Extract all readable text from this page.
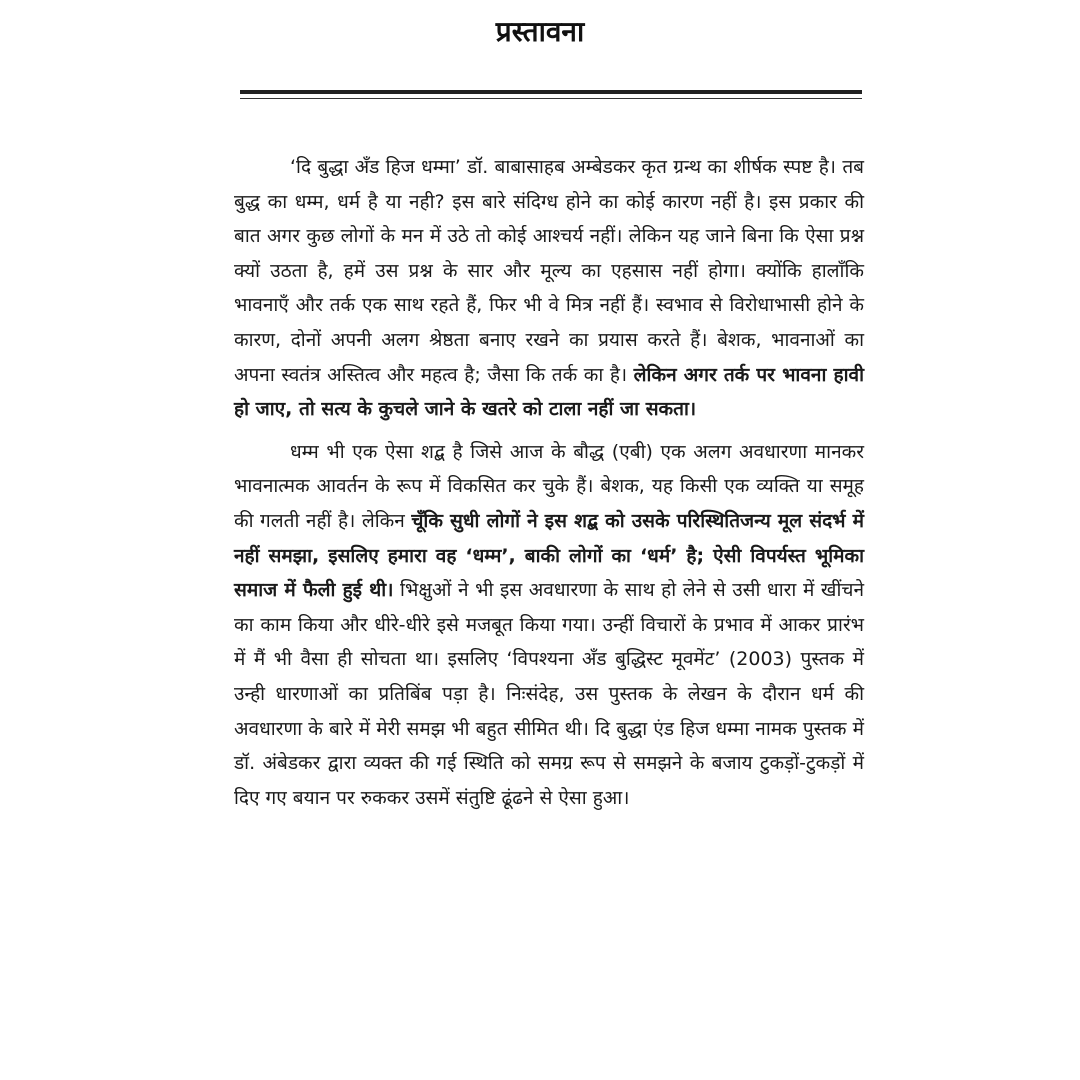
प्रस्तावना

‘दि बुद्धा अँड हिज धम्मा’ डॉ. बाबासाहब अम्बेडकर कृत ग्रन्थ का शीर्षक स्पष्ट है। तब बुद्ध का धम्म, धर्म है या नही? इस बारे संदिग्ध होने का कोई कारण नहीं है। इस प्रकार की बात अगर कुछ लोगों के मन में उठे तो कोई आश्चर्य नहीं। लेकिन यह जाने बिना कि ऐसा प्रश्न क्यों उठता है, हमें उस प्रश्न के सार और मूल्य का एहसास नहीं होगा। क्योंकि हालाँकि भावनाएँ और तर्क एक साथ रहते हैं, फिर भी वे मित्र नहीं हैं। स्वभाव से विरोधाभासी होने के कारण, दोनों अपनी अलग श्रेष्ठता बनाए रखने का प्रयास करते हैं। बेशक, भावनाओं का अपना स्वतंत्र अस्तित्व और महत्व है; जैसा कि तर्क का है। लेकिन अगर तर्क पर भावना हावी हो जाए, तो सत्य के कुचले जाने के खतरे को टाला नहीं जा सकता।

धम्म भी एक ऐसा शद्ब है जिसे आज के बौद्ध (एबी) एक अलग अवधारणा मानकर भावनात्मक आवर्तन के रूप में विकसित कर चुके हैं। बेशक, यह किसी एक व्यक्ति या समूह की गलती नहीं है। लेकिन चूँकि सुधी लोगों ने इस शद्ब को उसके परिस्थितिजन्य मूल संदर्भ में नहीं समझा, इसलिए हमारा वह ‘धम्म’, बाकी लोगों का ‘धर्म’ है; ऐसी विपर्यस्त भूमिका समाज में फैली हुई थी। भिक्षुओं ने भी इस अवधारणा के साथ हो लेने से उसी धारा में खींचने का काम किया और धीरे-धीरे इसे मजबूत किया गया। उन्हीं विचारों के प्रभाव में आकर प्रारंभ में मैं भी वैसा ही सोचता था। इसलिए ‘विपश्यना अँड बुद्धिस्ट मूवमेंट’ (2003) पुस्तक में उन्ही धारणाओं का प्रतिबिंब पड़ा है। निःसंदेह, उस पुस्तक के लेखन के दौरान धर्म की अवधारणा के बारे में मेरी समझ भी बहुत सीमित थी। दि बुद्धा एंड हिज धम्मा नामक पुस्तक में डॉ. अंबेडकर द्वारा व्यक्त की गई स्थिति को समग्र रूप से समझने के बजाय टुकड़ों-टुकड़ों में दिए गए बयान पर रुककर उसमें संतुष्टि ढूंढने से ऐसा हुआ।
